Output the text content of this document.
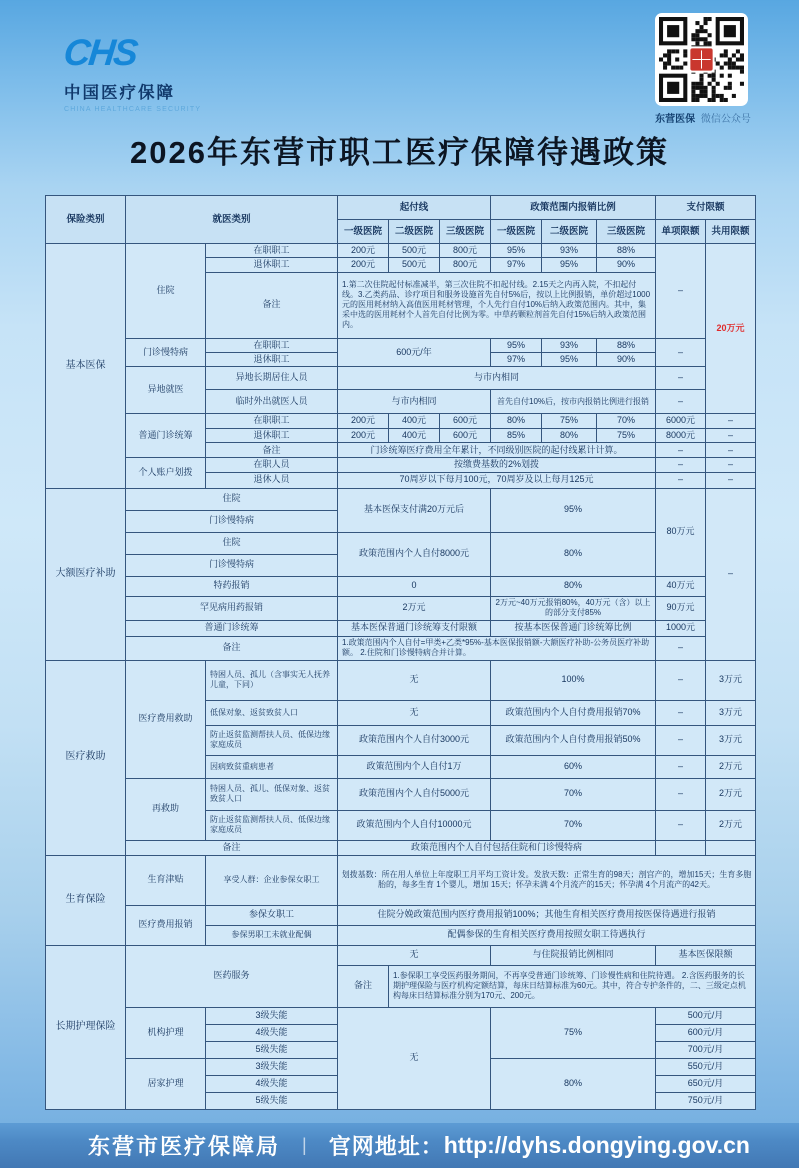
CHS
中国医疗保障
CHINA HEALTHCARE SECURITY
东营医保 微信公众号
2026年东营市职工医疗保障待遇政策
保险类别	就医类别		起付线			政策范围内报销比例			支付限额	
			一级医院	二级医院	三级医院	一级医院	二级医院	三级医院	单项限额	共用限额
基本医保	住院	在职职工	200元	500元	800元	95%	93%	88%	–	20万元
		退休职工	200元	500元	800元	97%	95%	90%		
		备注	1.第二次住院起付标准减半，第三次住院不扣起付线。2.15天之内再入院，不扣起付线。3.乙类药品、诊疗项目和服务设施首先自付5%后，按以上比例报销，单价超过1000元的医用耗材纳入高值医用耗材管理，个人先行自付10%后纳入政策范围内。其中，集采中选的医用耗材个人首先自付比例为零。中草药颗粒剂首先自付15%后纳入政策范围内。							
	门诊慢特病	在职职工	600元/年			95%	93%	88%	–	
		退休职工				97%	95%	90%		
	异地就医	异地长期居住人员	与市内相同						–	
		临时外出就医人员	与市内相同			首先自付10%后，按市内报销比例进行报销			–	
	普通门诊统筹	在职职工	200元	400元	600元	80%	75%	70%	6000元	–
		退休职工	200元	400元	600元	85%	80%	75%	8000元	–
		备注	门诊统筹医疗费用全年累计，不同级别医院的起付线累计计算。						–	–
	个人账户划拨	在职人员	按缴费基数的2%划拨						–	–
		退休人员	70周岁以下每月100元，70周岁及以上每月125元						–	–
大额医疗补助	住院		基本医保支付满20万元后			95%			80万元	–
	门诊慢特病									
	住院		政策范围内个人自付8000元			80%				
	门诊慢特病									
	特药报销		0			80%			40万元	
	罕见病用药报销		2万元			2万元~40万元报销80%，40万元（含）以上的部分支付85%			90万元	
	普通门诊统筹		基本医保普通门诊统筹支付限额			按基本医保普通门诊统筹比例			1000元	
	备注		1.政策范围内个人自付=甲类+乙类*95%-基本医保报销额-大额医疗补助-公务员医疗补助额。 2.住院和门诊慢特病合并计算。						–	
医疗救助	医疗费用救助	特困人员、孤儿（含事实无人抚养儿童，下同）	无			100%			–	3万元
		低保对象、返贫致贫人口	无			政策范围内个人自付费用报销70%			–	3万元
		防止返贫监测帮扶人员、低保边缘家庭成员	政策范围内个人自付3000元			政策范围内个人自付费用报销50%			–	3万元
		因病致贫重病患者	政策范围内个人自付1万			60%			–	2万元
	再救助	特困人员、孤儿、低保对象、返贫致贫人口	政策范围内个人自付5000元			70%			–	2万元
		防止返贫监测帮扶人员、低保边缘家庭成员	政策范围内个人自付10000元			70%			–	2万元
	备注		政策范围内个人自付包括住院和门诊慢特病							
生育保险	生育津贴	享受人群：企业参保女职工	划拨基数：所在用人单位上年度职工月平均工资计发。发放天数：正常生育的98天；剖宫产的，增加15天；生育多胞胎的，每多生育 1个婴儿，增加 15天；怀孕未满 4个月流产的15天；怀孕满 4个月流产的42天。							
	医疗费用报销	参保女职工	住院分娩政策范围内医疗费用报销100%；其他生育相关医疗费用按医保待遇进行报销							
		参保男职工未就业配偶	配偶参保的生育相关医疗费用按照女职工待遇执行							
长期护理保险	医药服务		无			与住院报销比例相同			基本医保限额	
			备注	1.参保职工享受医药服务期间，不再享受普通门诊统筹、门诊慢性病和住院待遇。 2.含医药服务的长期护理保险与医疗机构定额结算，每床日结算标准为60元。其中，符合专护条件的，二、三级定点机构每床日结算标准分别为170元、200元。						
	机构护理	3级失能	无			75%			500元/月	
		4级失能							600元/月	
		5级失能							700元/月	
	居家护理	3级失能				80%			550元/月	
		4级失能							650元/月	
		5级失能							750元/月	
东营市医疗保障局 | 官网地址： http://dyhs.dongying.gov.cn
